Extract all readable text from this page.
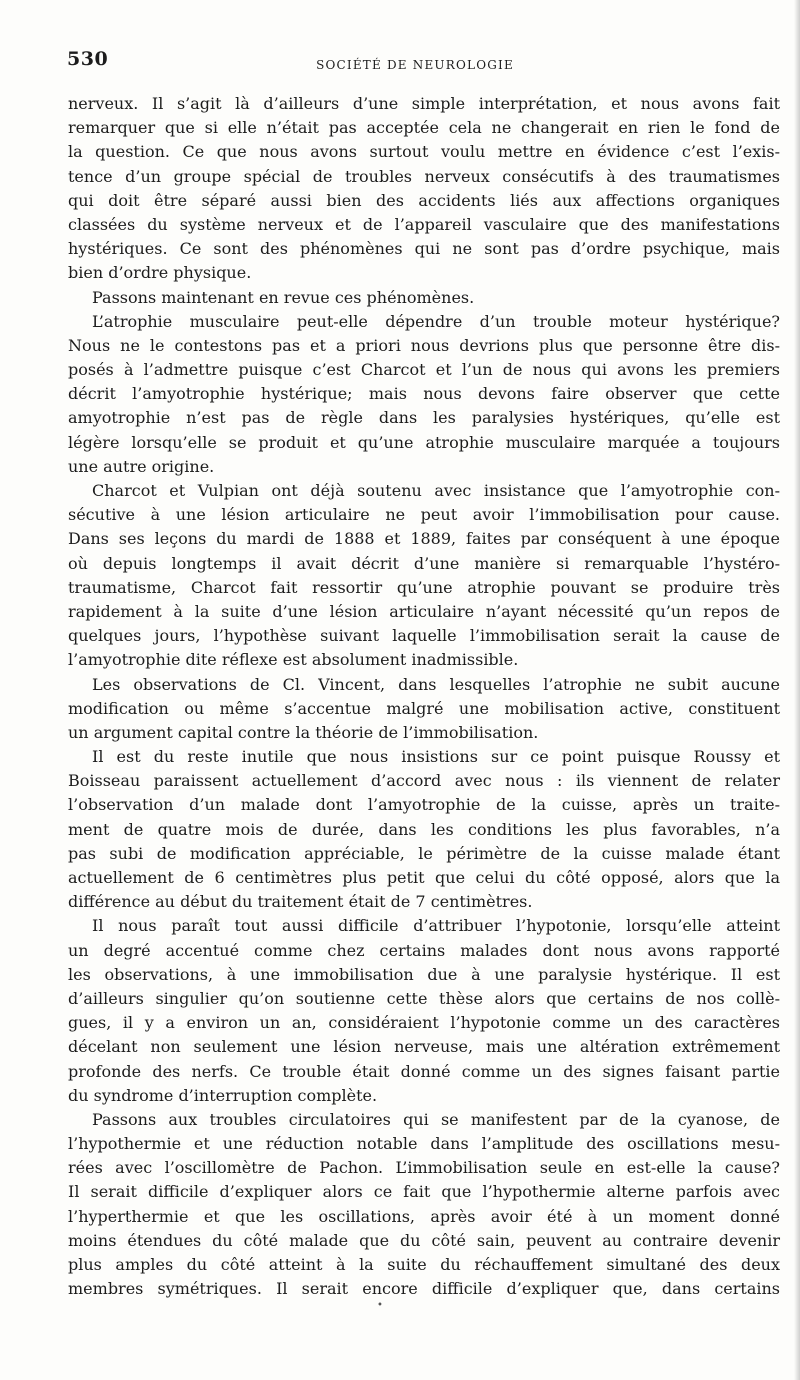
530	SOCIÉTÉ DE NEUROLOGIE
nerveux. Il s’agit là d’ailleurs d’une simple interprétation, et nous avons fait
remarquer que si elle n’était pas acceptée cela ne changerait en rien le fond de
la question. Ce que nous avons surtout voulu mettre en évidence c’est l’exis-
tence d’un groupe spécial de troubles nerveux consécutifs à des traumatismes
qui doit être séparé aussi bien des accidents liés aux affections organiques
classées du système nerveux et de l’appareil vasculaire que des manifestations
hystériques. Ce sont des phénomènes qui ne sont pas d’ordre psychique, mais
bien d’ordre physique.
Passons maintenant en revue ces phénomènes.
L’atrophie musculaire peut-elle dépendre d’un trouble moteur hystérique?
Nous ne le contestons pas et a priori nous devrions plus que personne être dis-
posés à l’admettre puisque c’est Charcot et l’un de nous qui avons les premiers
décrit l’amyotrophie hystérique; mais nous devons faire observer que cette
amyotrophie n’est pas de règle dans les paralysies hystériques, qu’elle est
légère lorsqu’elle se produit et qu’une atrophie musculaire marquée a toujours
une autre origine.
Charcot et Vulpian ont déjà soutenu avec insistance que l’amyotrophie con-
sécutive à une lésion articulaire ne peut avoir l’immobilisation pour cause.
Dans ses leçons du mardi de 1888 et 1889, faites par conséquent à une époque
où depuis longtemps il avait décrit d’une manière si remarquable l’hystéro-
traumatisme, Charcot fait ressortir qu’une atrophie pouvant se produire très
rapidement à la suite d’une lésion articulaire n’ayant nécessité qu’un repos de
quelques jours, l’hypothèse suivant laquelle l’immobilisation serait la cause de
l’amyotrophie dite réflexe est absolument inadmissible.
Les observations de Cl. Vincent, dans lesquelles l’atrophie ne subit aucune
modification ou même s’accentue malgré une mobilisation active, constituent
un argument capital contre la théorie de l’immobilisation.
Il est du reste inutile que nous insistions sur ce point puisque Roussy et
Boisseau paraissent actuellement d’accord avec nous : ils viennent de relater
l’observation d’un malade dont l’amyotrophie de la cuisse, après un traite-
ment de quatre mois de durée, dans les conditions les plus favorables, n’a
pas subi de modification appréciable, le périmètre de la cuisse malade étant
actuellement de 6 centimètres plus petit que celui du côté opposé, alors que la
différence au début du traitement était de 7 centimètres.
Il nous paraît tout aussi difficile d’attribuer l’hypotonie, lorsqu’elle atteint
un degré accentué comme chez certains malades dont nous avons rapporté
les observations, à une immobilisation due à une paralysie hystérique. Il est
d’ailleurs singulier qu’on soutienne cette thèse alors que certains de nos collè-
gues, il y a environ un an, considéraient l’hypotonie comme un des caractères
décelant non seulement une lésion nerveuse, mais une altération extrêmement
profonde des nerfs. Ce trouble était donné comme un des signes faisant partie
du syndrome d’interruption complète.
Passons aux troubles circulatoires qui se manifestent par de la cyanose, de
l’hypothermie et une réduction notable dans l’amplitude des oscillations mesu-
rées avec l’oscillomètre de Pachon. L’immobilisation seule en est-elle la cause?
Il serait difficile d’expliquer alors ce fait que l’hypothermie alterne parfois avec
l’hyperthermie et que les oscillations, après avoir été à un moment donné
moins étendues du côté malade que du côté sain, peuvent au contraire devenir
plus amples du côté atteint à la suite du réchauffement simultané des deux
membres symétriques. Il serait encore difficile d’expliquer que, dans certains
•
